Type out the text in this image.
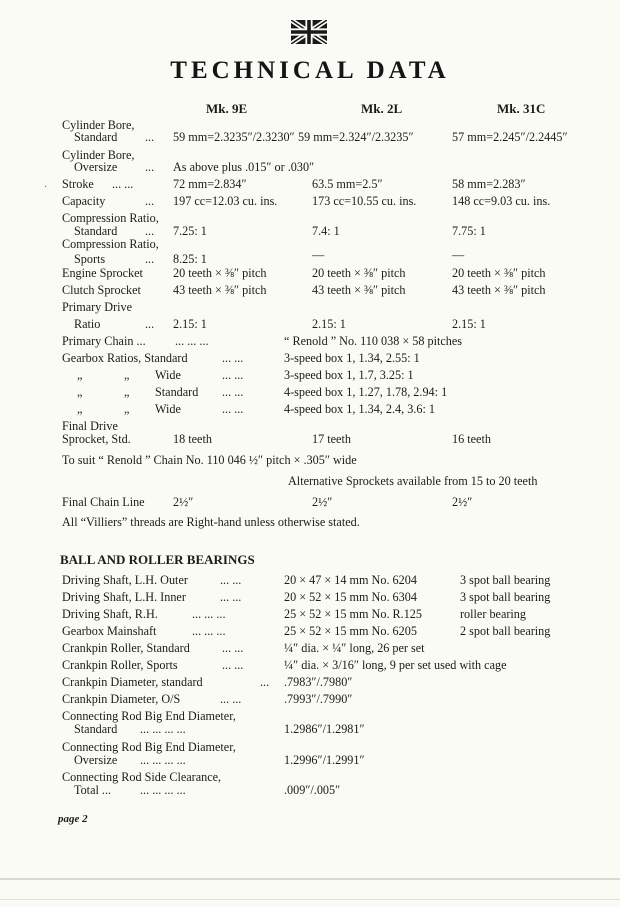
TECHNICAL DATA
Mk. 9E	Mk. 2L	Mk. 31C
·
Cylinder Bore,
Standard ... 59 mm=2.3235″/2.3230″ 59 mm=2.324″/2.3235″	57 mm=2.245″/2.2445″
Cylinder Bore,
Oversize ... As above plus .015″ or .030″
Stroke ... ...	72 mm=2.834″	63.5 mm=2.5″	58 mm=2.283″
Capacity	... 197 cc=12.03 cu. ins.	173 cc=10.55 cu. ins.	148 cc=9.03 cu. ins.
Compression Ratio,
Standard ... 7.25: 1	7.4: 1	7.75: 1
Compression Ratio,
Sports	... 8.25: 1	—	—
Engine Sprocket 20 teeth × ⅜″ pitch	20 teeth × ⅜″ pitch	20 teeth × ⅜″ pitch
Clutch Sprocket	43 teeth × ⅜″ pitch	43 teeth × ⅜″ pitch	43 teeth × ⅜″ pitch
Primary Drive
Ratio	... 2.15: 1	2.15: 1	2.15: 1
Primary Chain ... ... ... ...	“ Renold ” No. 110 038 × 58 pitches
Gearbox Ratios, Standard	... ...	3-speed box 1, 1.34, 2.55: 1
„	„ Wide	... ...	3-speed box 1, 1.7, 3.25: 1
„	„ Standard ... ...	4-speed box 1, 1.27, 1.78, 2.94: 1
„	„ Wide	... ...	4-speed box 1, 1.34, 2.4, 3.6: 1
Final Drive
Sprocket, Std.	18 teeth	17 teeth	16 teeth
To suit “ Renold ” Chain No. 110 046 ½″ pitch × .305″ wide
Alternative Sprockets available from 15 to 20 teeth
Final Chain Line 2½″	2½″	2½″
All “Villiers” threads are Right-hand unless otherwise stated.
BALL AND ROLLER BEARINGS
Driving Shaft, L.H. Outer	... ...	20 × 47 × 14 mm No. 6204	3 spot ball bearing
Driving Shaft, L.H. Inner	... ...	20 × 52 × 15 mm No. 6304	3 spot ball bearing
Driving Shaft, R.H.	... ... ...	25 × 52 × 15 mm No. R.125	roller bearing
Gearbox Mainshaft	... ... ...	25 × 52 × 15 mm No. 6205	2 spot ball bearing
Crankpin Roller, Standard	... ...	¼″ dia. × ¼″ long, 26 per set
Crankpin Roller, Sports	... ...	¼″ dia. × 3/16″ long, 9 per set used with cage
Crankpin Diameter, standard	... .7983″/.7980″
Crankpin Diameter, O/S	... ...	.7993″/.7990″
Connecting Rod Big End Diameter,
Standard ... ... ... ...	1.2986″/1.2981″
Connecting Rod Big End Diameter,
Oversize ... ... ... ...	1.2996″/1.2991″
Connecting Rod Side Clearance,
Total ... ... ... ... ...	.009″/.005″
page 2
